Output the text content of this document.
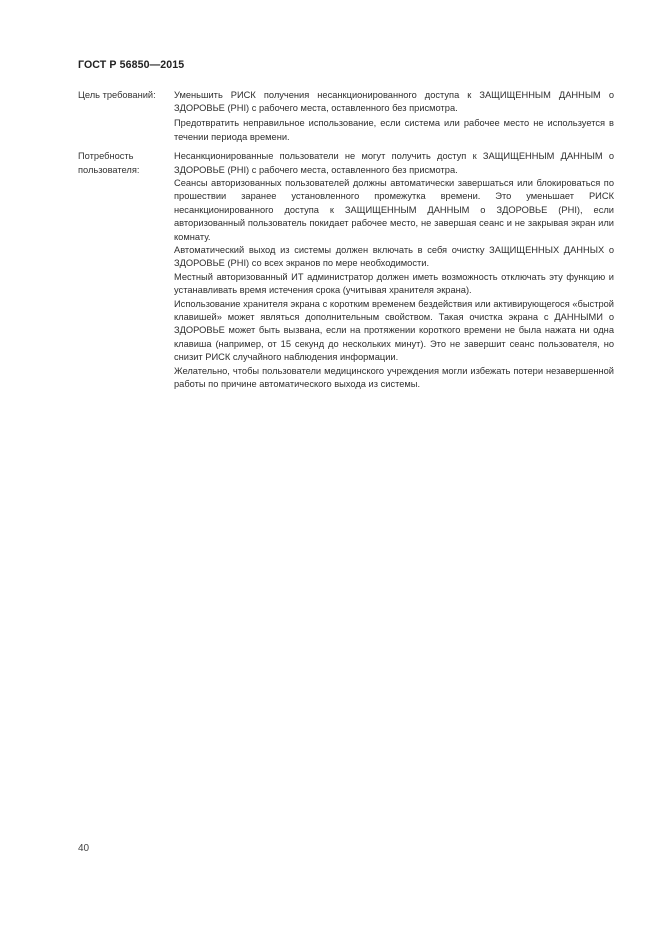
ГОСТ Р 56850—2015
Цель требований:	Уменьшить РИСК получения несанкционированного доступа к ЗАЩИЩЕННЫМ ДАННЫМ о ЗДОРОВЬЕ (PHI) с рабочего места, оставленного без присмотра.

Предотвратить неправильное использование, если система или рабочее место не используется в течении периода времени.

Потребность пользователя:

Несанкционированные пользователи не могут получить доступ к ЗАЩИЩЕННЫМ ДАННЫМ о ЗДОРОВЬЕ (PHI) с рабочего места, оставленного без присмотра.

Сеансы авторизованных пользователей должны автоматически завершаться или блокироваться по прошествии заранее установленного промежутка времени. Это уменьшает РИСК несанкционированного доступа к ЗАЩИЩЕННЫМ ДАННЫМ о ЗДОРОВЬЕ (PHI), если авторизованный пользователь покидает рабочее место, не завершая сеанс и не закрывая экран или комнату.

Автоматический выход из системы должен включать в себя очистку ЗАЩИЩЕННЫХ ДАННЫХ о ЗДОРОВЬЕ (PHI) со всех экранов по мере необходимости.

Местный авторизованный ИТ администратор должен иметь возможность отключать эту функцию и устанавливать время истечения срока (учитывая хранителя экрана).

Использование хранителя экрана с коротким временем бездействия или активирующегося «быстрой клавишей» может являться дополнительным свойством. Такая очистка экрана с ДАННЫМИ о ЗДОРОВЬЕ может быть вызвана, если на протяжении короткого времени не была нажата ни одна клавиша (например, от 15 секунд до нескольких минут). Это не завершит сеанс пользователя, но снизит РИСК случайного наблюдения информации.

Желательно, чтобы пользователи медицинского учреждения могли избежать потери незавершенной работы по причине автоматического выхода из системы.

40
